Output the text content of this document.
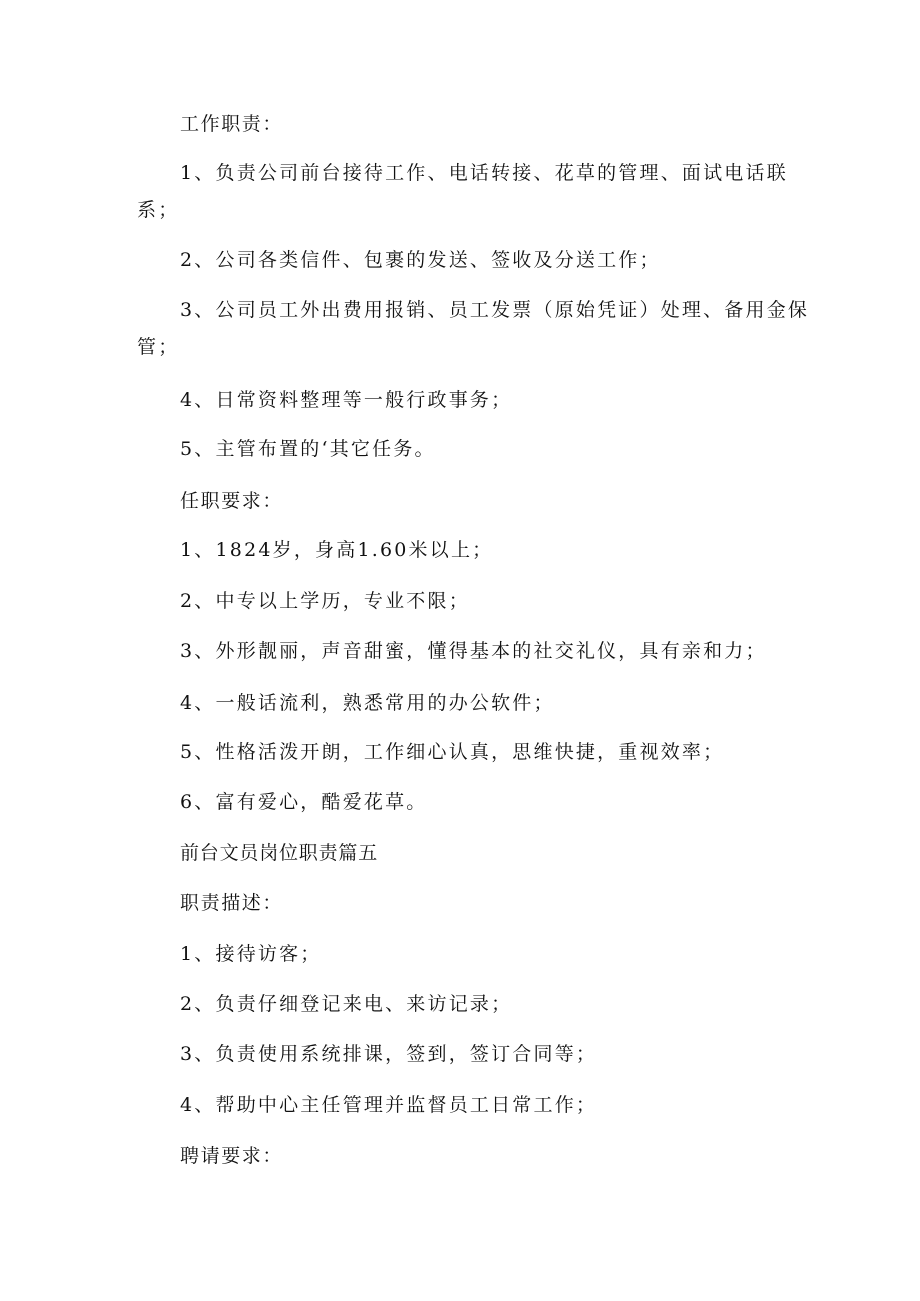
工作职责：

1、负责公司前台接待工作、电话转接、花草的管理、面试电话联
系；

2、公司各类信件、包裹的发送、签收及分送工作；

3、公司员工外出费用报销、员工发票（原始凭证）处理、备用金保
管；

4、日常资料整理等一般行政事务；

5、主管布置的‘其它任务。

任职要求：

1、1824岁，身高1.60米以上；

2、中专以上学历，专业不限；

3、外形靓丽，声音甜蜜，懂得基本的社交礼仪，具有亲和力；

4、一般话流利，熟悉常用的办公软件；

5、性格活泼开朗，工作细心认真，思维快捷，重视效率；

6、富有爱心，酷爱花草。

前台文员岗位职责篇五

职责描述：

1、接待访客；

2、负责仔细登记来电、来访记录；

3、负责使用系统排课，签到，签订合同等；

4、帮助中心主任管理并监督员工日常工作；

聘请要求：
